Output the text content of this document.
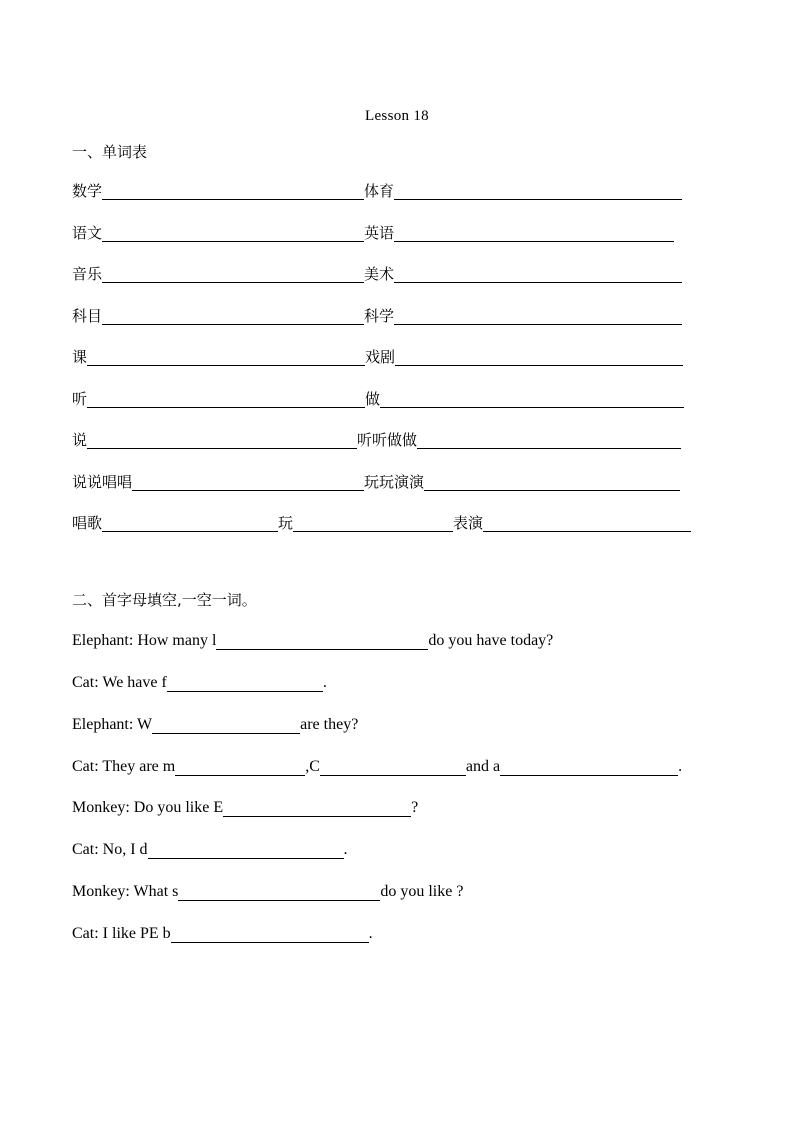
Lesson 18
一、单词表
数学	体育
语文	英语
音乐	美术
科目	科学
课	戏剧
听	做
说	听听做做
说说唱唱	玩玩演演
唱歌	玩	表演
二、首字母填空,一空一词。
Elephant: How many l	do you have today?
Cat: We have f	.
Elephant: W	are they?
Cat: They are m	,C	and a	.
Monkey: Do you like E	?
Cat: No, I d	.
Monkey: What s	do you like ?
Cat: I like PE b	.
